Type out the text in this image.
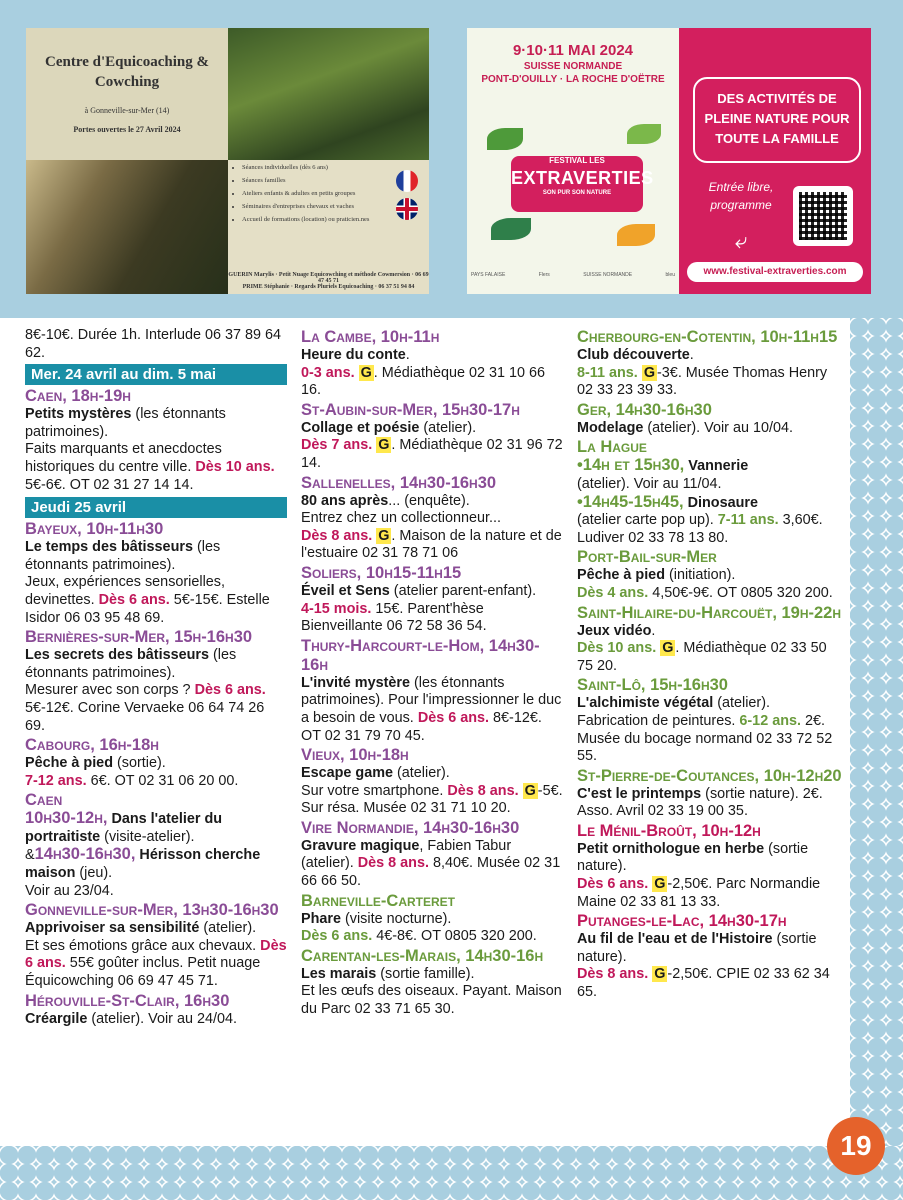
Centre d'Equicoaching & Cowching
à Gonneville-sur-Mer (14)
Portes ouvertes le 27 Avril 2024
• Séances individuelles (dès 6 ans)
• Séances familles
• Ateliers enfants & adultes en petits groupes
• Séminaires d'entreprises chevaux et vaches
• Accueil de formations (location) ou praticien.nes
GUERIN Marylis · Petit Nuage Equicowching et méthode Cowmersion · 06 69 47 45 71
PRIME Stéphanie · Regards Pluriels Equicoaching · 06 37 51 94 84
9·10·11 MAI 2024
SUISSE NORMANDE
PONT-D'OUILLY · LA ROCHE D'OËTRE
FESTIVAL LES
EXTRAVERTIES
SON PUR SON NATURE
PAYS FALAISE	Flers	SUISSE NORMANDE	bleu
DES ACTIVITÉS DE PLEINE NATURE POUR TOUTE LA FAMILLE
Entrée libre, programme
⤶
www.festival-extraverties.com

8€-10€. Durée 1h. Interlude 06 37 89 64 62.

Mer. 24 avril au dim. 5 mai
Caen, 18h-19h

Petits mystères (les étonnants patrimoines).

Faits marquants et anecdoctes historiques du centre ville. Dès 10 ans. 5€-6€. OT 02 31 27 14 14.

Jeudi 25 avril
Bayeux, 10h-11h30

Le temps des bâtisseurs (les étonnants patrimoines).

Jeux, expériences sensorielles, devinettes. Dès 6 ans. 5€-15€. Estelle Isidor 06 03 95 48 69.

Bernières-sur-Mer, 15h-16h30

Les secrets des bâtisseurs (les étonnants patrimoines).

Mesurer avec son corps ? Dès 6 ans. 5€-12€. Corine Vervaeke 06 64 74 26 69.

Cabourg, 16h-18h

Pêche à pied (sortie).

7-12 ans. 6€. OT 02 31 06 20 00.

Caen

10h30-12h, Dans l'atelier du portraitiste (visite-atelier).

&14h30-16h30, Hérisson cherche maison (jeu).

Voir au 23/04.

Gonneville-sur-Mer, 13h30-16h30

Apprivoiser sa sensibilité (atelier).

Et ses émotions grâce aux chevaux. Dès 6 ans. 55€ goûter inclus. Petit nuage Équicowching 06 69 47 45 71.

Hérouville-St-Clair, 16h30

Créargile (atelier). Voir au 24/04.

La Cambe, 10h-11h

Heure du conte.

0-3 ans. G . Médiathèque 02 31 10 66 16.

St-Aubin-sur-Mer, 15h30-17h

Collage et poésie (atelier).

Dès 7 ans. G . Médiathèque 02 31 96 72 14.

Sallenelles, 14h30-16h30

80 ans après... (enquête).

Entrez chez un collectionneur...

Dès 8 ans. G . Maison de la nature et de l'estuaire 02 31 78 71 06

Soliers, 10h15-11h15

Éveil et Sens (atelier parent-enfant).

4-15 mois. 15€. Parent'hèse Bienveillante 06 72 58 36 54.

Thury-Harcourt-le-Hom, 14h30-16h

L'invité mystère (les étonnants patrimoines). Pour l'impressionner le duc a besoin de vous. Dès 6 ans. 8€-12€. OT 02 31 79 70 45.

Vieux, 10h-18h

Escape game (atelier).

Sur votre smartphone. Dès 8 ans. G -5€. Sur résa. Musée 02 31 71 10 20.

Vire Normandie, 14h30-16h30

Gravure magique, Fabien Tabur (atelier). Dès 8 ans. 8,40€. Musée 02 31 66 66 50.

Barneville-Carteret

Phare (visite nocturne).

Dès 6 ans. 4€-8€. OT 0805 320 200.

Carentan-les-Marais, 14h30-16h

Les marais (sortie famille).

Et les œufs des oiseaux. Payant. Maison du Parc 02 33 71 65 30.

Cherbourg-en-Cotentin, 10h-11h15

Club découverte.

8-11 ans. G -3€. Musée Thomas Henry 02 33 23 39 33.

Ger, 14h30-16h30

Modelage (atelier). Voir au 10/04.

La Hague

•14h et 15h30, Vannerie

(atelier). Voir au 11/04.

•14h45-15h45, Dinosaure

(atelier carte pop up). 7-11 ans. 3,60€. Ludiver 02 33 78 13 80.

Port-Bail-sur-Mer

Pêche à pied (initiation).

Dès 4 ans. 4,50€-9€. OT 0805 320 200.

Saint-Hilaire-du-Harcouët, 19h-22h

Jeux vidéo.

Dès 10 ans. G . Médiathèque 02 33 50 75 20.

Saint-Lô, 15h-16h30

L'alchimiste végétal (atelier).

Fabrication de peintures. 6-12 ans. 2€. Musée du bocage normand 02 33 72 52 55.

St-Pierre-de-Coutances, 10h-12h20

C'est le printemps (sortie nature). 2€. Asso. Avril 02 33 19 00 35.

Le Ménil-Broût, 10h-12h

Petit ornithologue en herbe (sortie nature).

Dès 6 ans. G -2,50€. Parc Normandie Maine 02 33 81 13 33.

Putanges-le-Lac, 14h30-17h

Au fil de l'eau et de l'Histoire (sortie nature).

Dès 8 ans. G -2,50€. CPIE 02 33 62 34 65.

19
